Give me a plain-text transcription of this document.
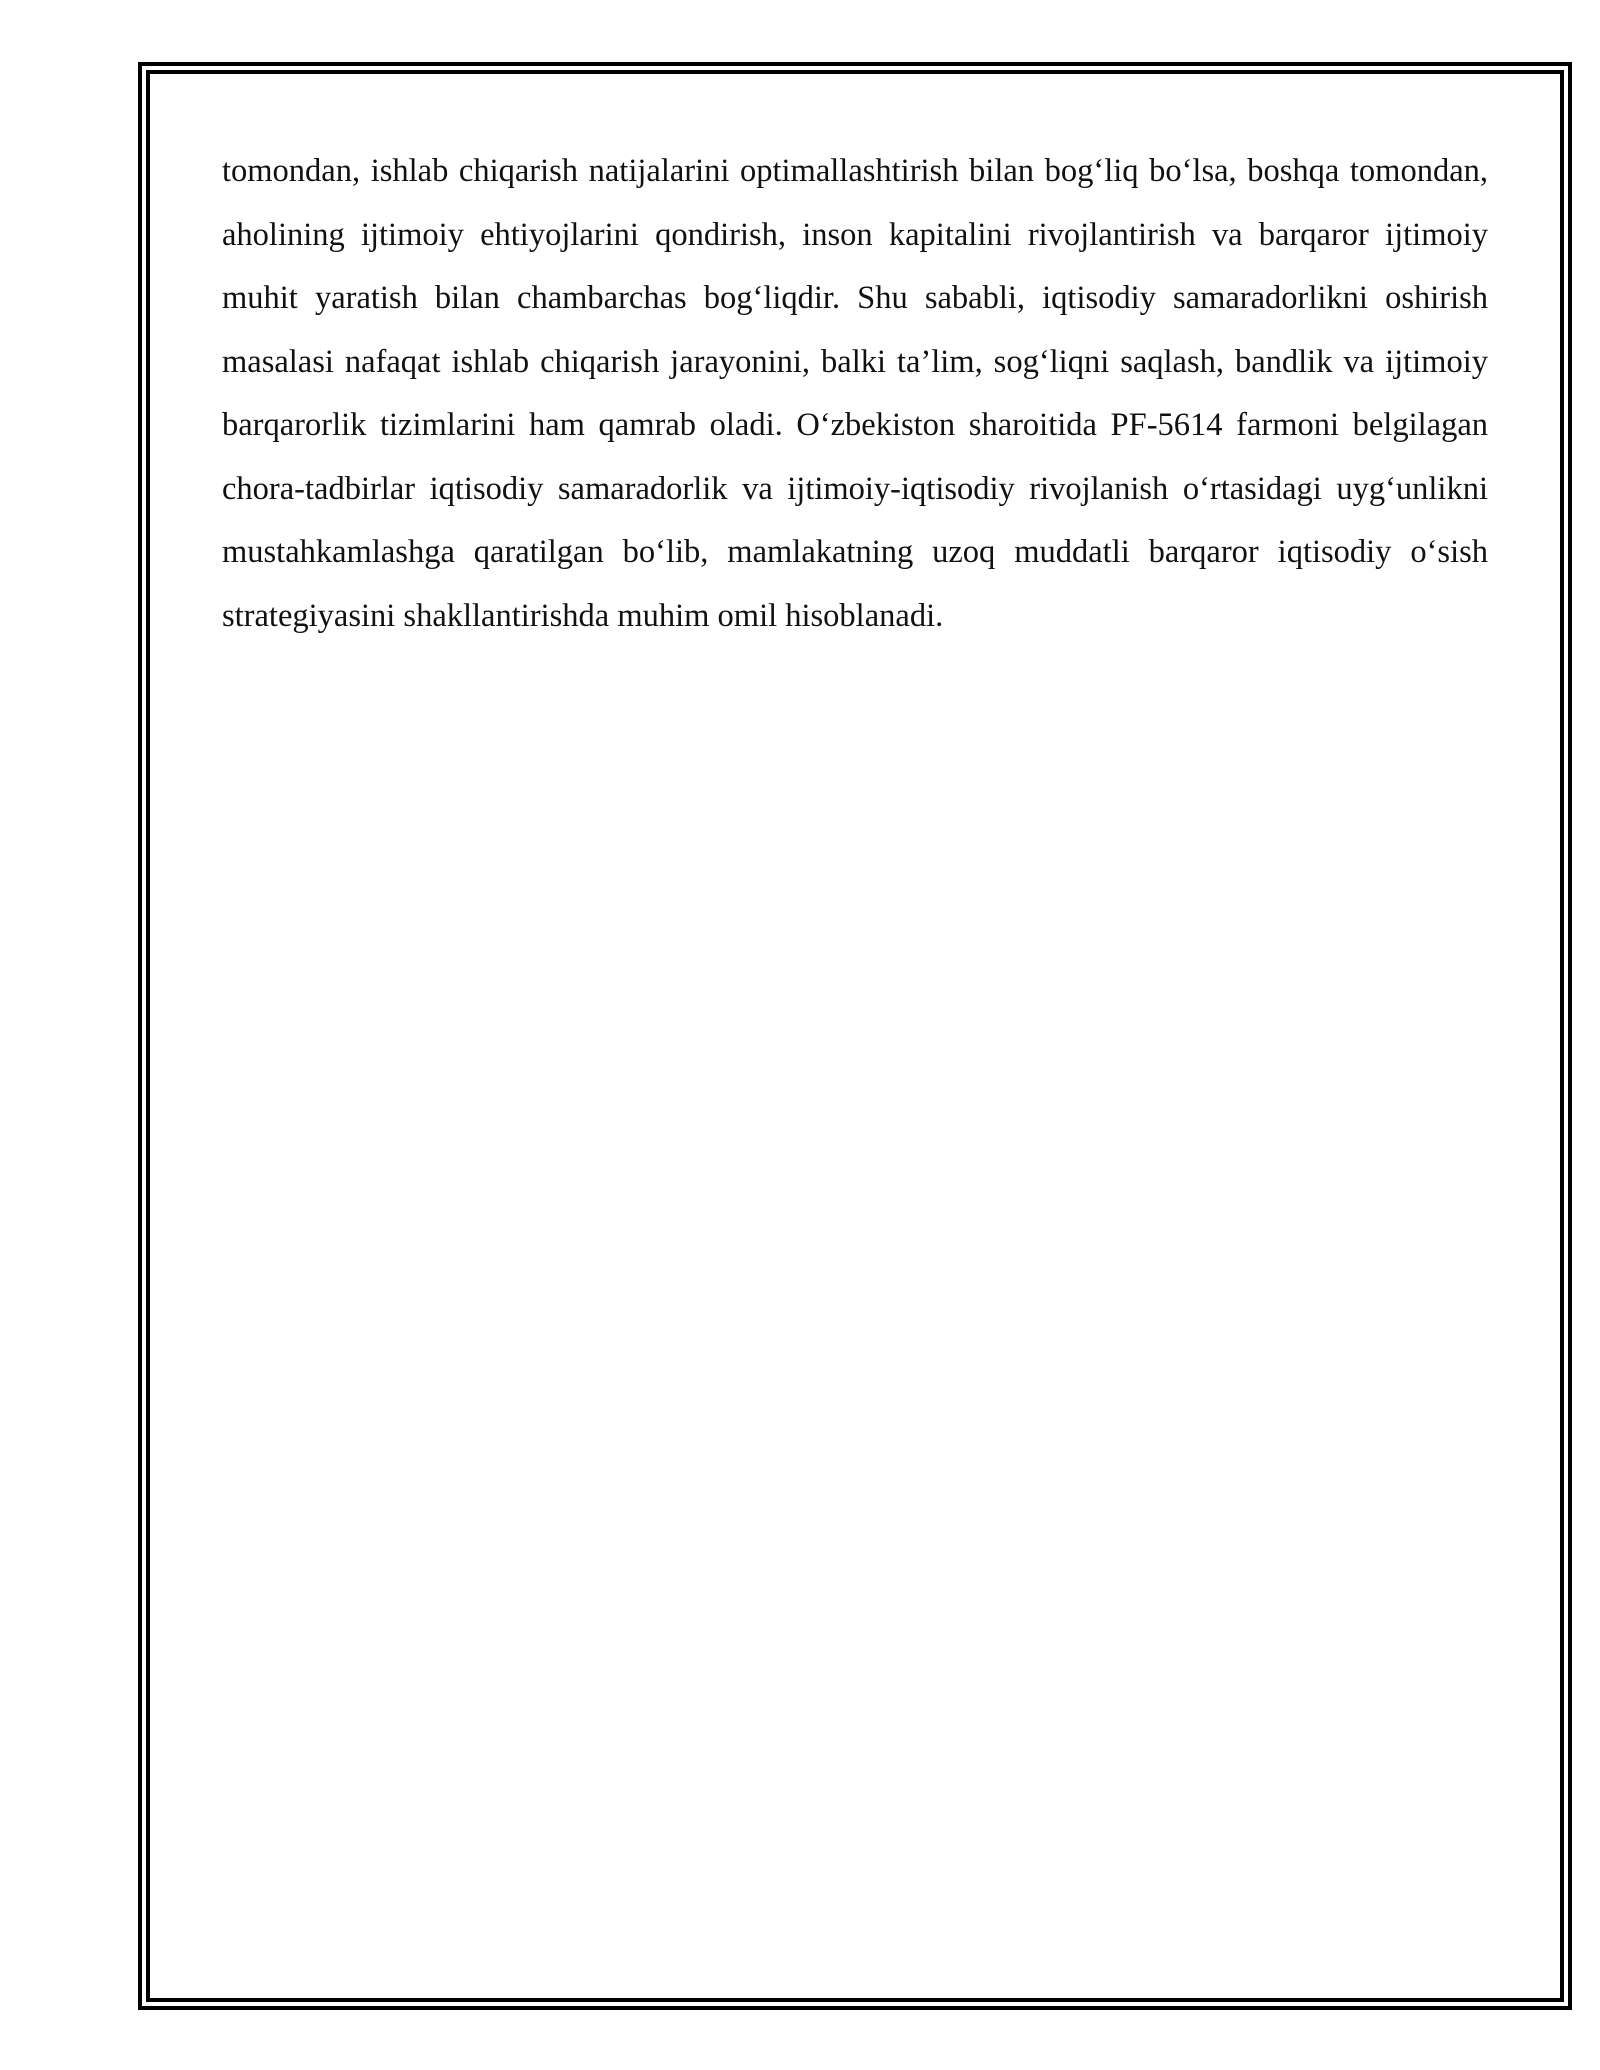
tomondan, ishlab chiqarish natijalarini optimallashtirish bilan bog‘liq bo‘lsa, boshqa tomondan, aholining ijtimoiy ehtiyojlarini qondirish, inson kapitalini rivojlantirish va barqaror ijtimoiy muhit yaratish bilan chambarchas bog‘liqdir. Shu sababli, iqtisodiy samaradorlikni oshirish masalasi nafaqat ishlab chiqarish jarayonini, balki ta’lim, sog‘liqni saqlash, bandlik va ijtimoiy barqarorlik tizimlarini ham qamrab oladi. O‘zbekiston sharoitida PF-5614 farmoni belgilagan chora-tadbirlar iqtisodiy samaradorlik va ijtimoiy-iqtisodiy rivojlanish o‘rtasidagi uyg‘unlikni mustahkamlashga qaratilgan bo‘lib, mamlakatning uzoq muddatli barqaror iqtisodiy o‘sish strategiyasini shakllantirishda muhim omil hisoblanadi.
